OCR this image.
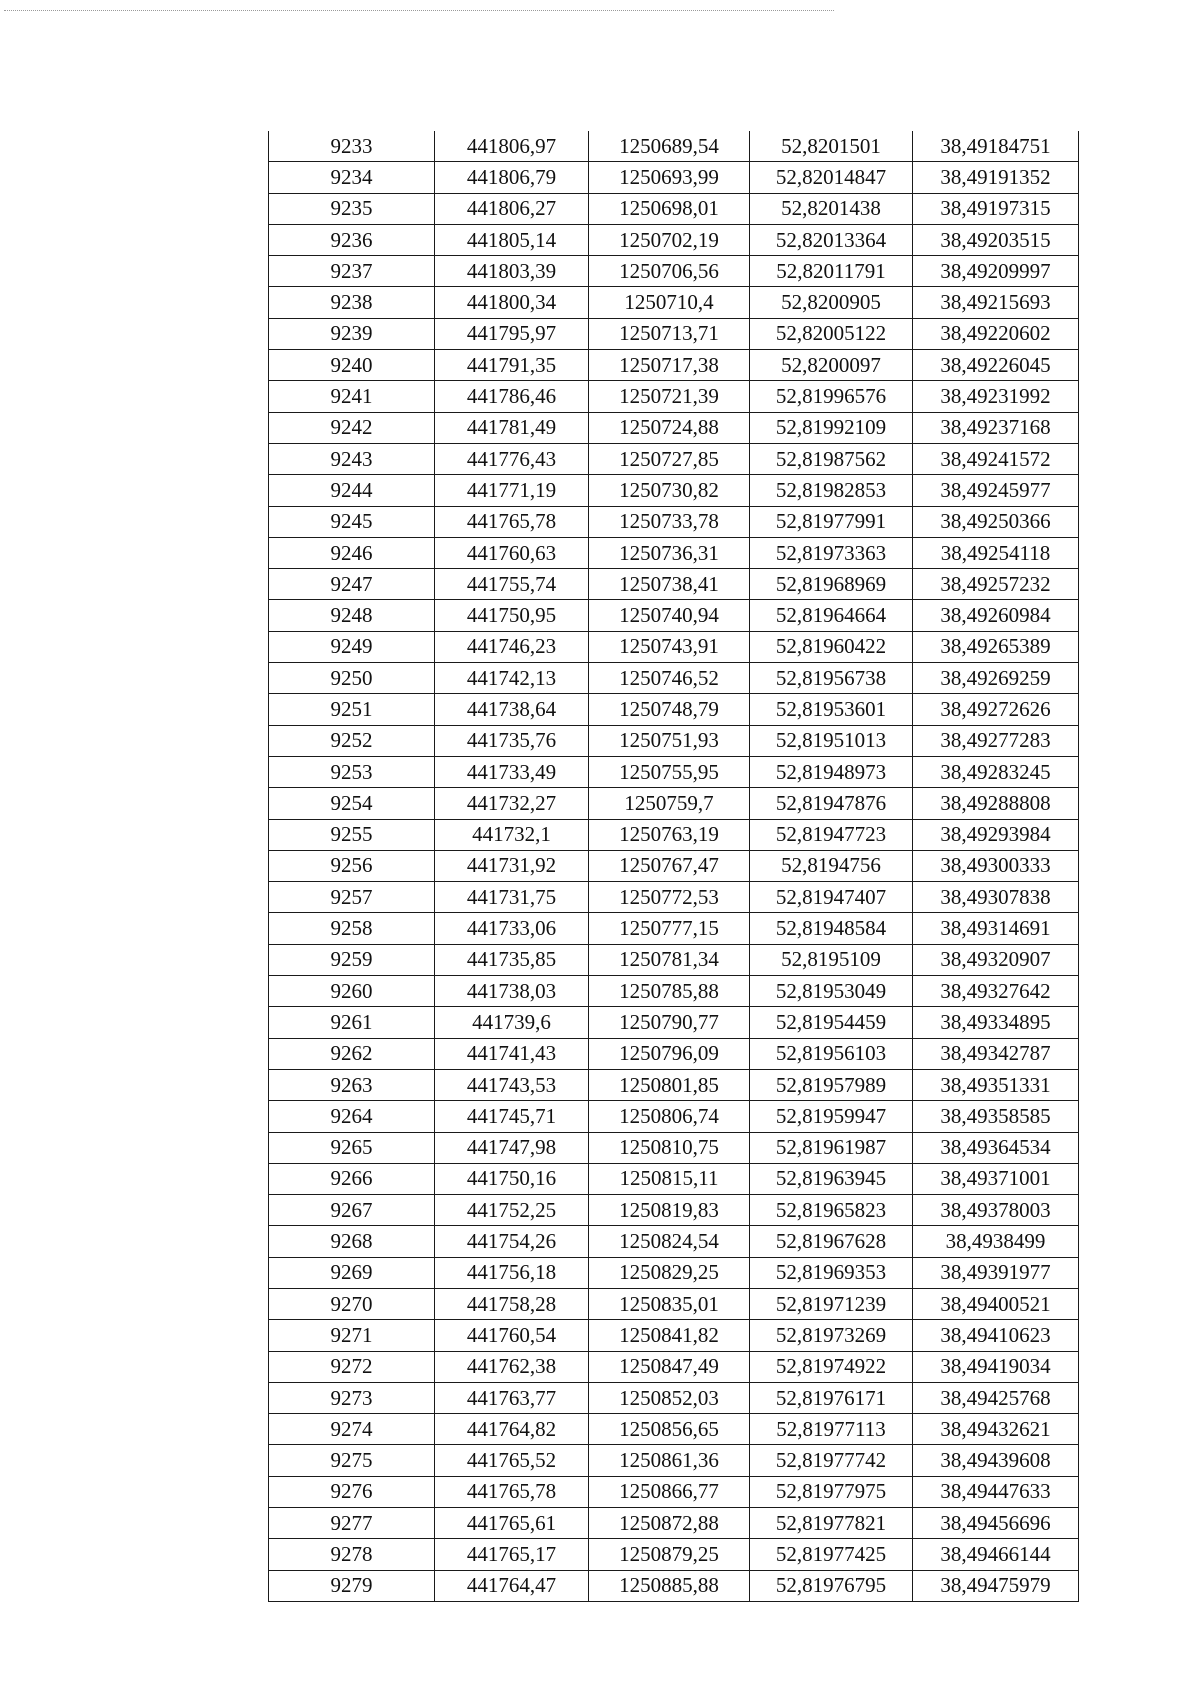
9233	441806,97	1250689,54	52,8201501	38,49184751
9234	441806,79	1250693,99	52,82014847	38,49191352
9235	441806,27	1250698,01	52,8201438	38,49197315
9236	441805,14	1250702,19	52,82013364	38,49203515
9237	441803,39	1250706,56	52,82011791	38,49209997
9238	441800,34	1250710,4	52,8200905	38,49215693
9239	441795,97	1250713,71	52,82005122	38,49220602
9240	441791,35	1250717,38	52,8200097	38,49226045
9241	441786,46	1250721,39	52,81996576	38,49231992
9242	441781,49	1250724,88	52,81992109	38,49237168
9243	441776,43	1250727,85	52,81987562	38,49241572
9244	441771,19	1250730,82	52,81982853	38,49245977
9245	441765,78	1250733,78	52,81977991	38,49250366
9246	441760,63	1250736,31	52,81973363	38,49254118
9247	441755,74	1250738,41	52,81968969	38,49257232
9248	441750,95	1250740,94	52,81964664	38,49260984
9249	441746,23	1250743,91	52,81960422	38,49265389
9250	441742,13	1250746,52	52,81956738	38,49269259
9251	441738,64	1250748,79	52,81953601	38,49272626
9252	441735,76	1250751,93	52,81951013	38,49277283
9253	441733,49	1250755,95	52,81948973	38,49283245
9254	441732,27	1250759,7	52,81947876	38,49288808
9255	441732,1	1250763,19	52,81947723	38,49293984
9256	441731,92	1250767,47	52,8194756	38,49300333
9257	441731,75	1250772,53	52,81947407	38,49307838
9258	441733,06	1250777,15	52,81948584	38,49314691
9259	441735,85	1250781,34	52,8195109	38,49320907
9260	441738,03	1250785,88	52,81953049	38,49327642
9261	441739,6	1250790,77	52,81954459	38,49334895
9262	441741,43	1250796,09	52,81956103	38,49342787
9263	441743,53	1250801,85	52,81957989	38,49351331
9264	441745,71	1250806,74	52,81959947	38,49358585
9265	441747,98	1250810,75	52,81961987	38,49364534
9266	441750,16	1250815,11	52,81963945	38,49371001
9267	441752,25	1250819,83	52,81965823	38,49378003
9268	441754,26	1250824,54	52,81967628	38,4938499
9269	441756,18	1250829,25	52,81969353	38,49391977
9270	441758,28	1250835,01	52,81971239	38,49400521
9271	441760,54	1250841,82	52,81973269	38,49410623
9272	441762,38	1250847,49	52,81974922	38,49419034
9273	441763,77	1250852,03	52,81976171	38,49425768
9274	441764,82	1250856,65	52,81977113	38,49432621
9275	441765,52	1250861,36	52,81977742	38,49439608
9276	441765,78	1250866,77	52,81977975	38,49447633
9277	441765,61	1250872,88	52,81977821	38,49456696
9278	441765,17	1250879,25	52,81977425	38,49466144
9279	441764,47	1250885,88	52,81976795	38,49475979
